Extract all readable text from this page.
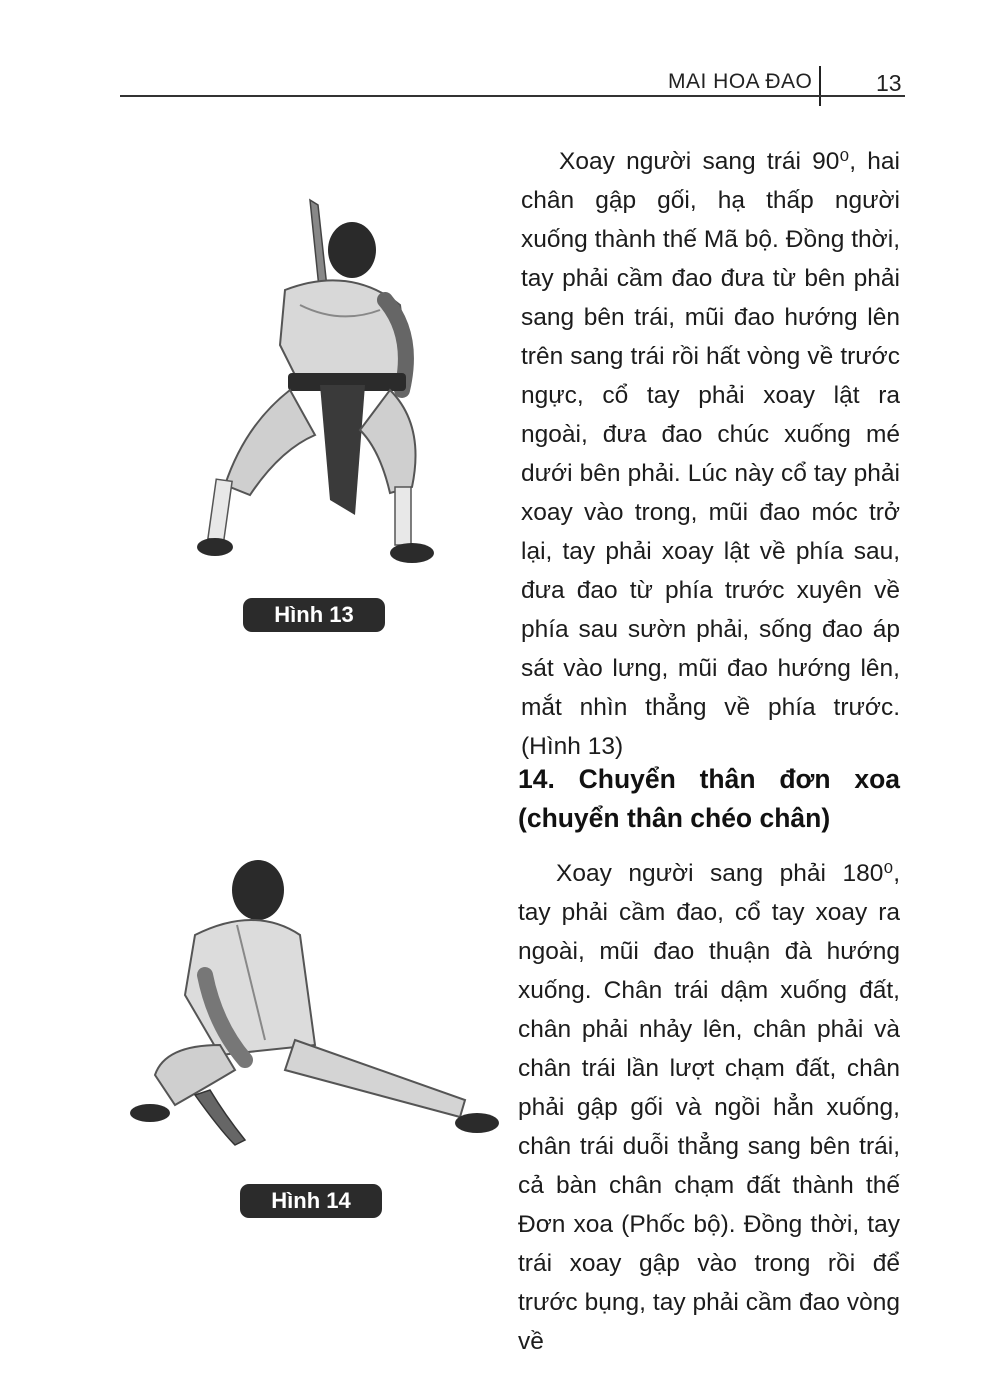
MAI HOA ĐAO	13
Hình 13
Hình 14

Xoay người sang trái 90⁰, hai chân gập gối, hạ thấp người xuống thành thế Mã bộ. Đồng thời, tay phải cầm đao đưa từ bên phải sang bên trái, mũi đao hướng lên trên sang trái rồi hất vòng về trước ngực, cổ tay phải xoay lật ra ngoài, đưa đao chúc xuống mé dưới bên phải. Lúc này cổ tay phải xoay vào trong, mũi đao móc trở lại, tay phải xoay lật về phía sau, đưa đao từ phía trước xuyên về phía sau sườn phải, sống đao áp sát vào lưng, mũi đao hướng lên, mắt nhìn thẳng về phía trước. (Hình 13)

14. Chuyển thân đơn xoa (chuyển thân chéo chân)

Xoay người sang phải 180⁰, tay phải cầm đao, cổ tay xoay ra ngoài, mũi đao thuận đà hướng xuống. Chân trái dậm xuống đất, chân phải nhảy lên, chân phải và chân trái lần lượt chạm đất, chân phải gập gối và ngồi hẳn xuống, chân trái duỗi thẳng sang bên trái, cả bàn chân chạm đất thành thế Đơn xoa (Phốc bộ). Đồng thời, tay trái xoay gập vào trong rồi để trước bụng, tay phải cầm đao vòng về
